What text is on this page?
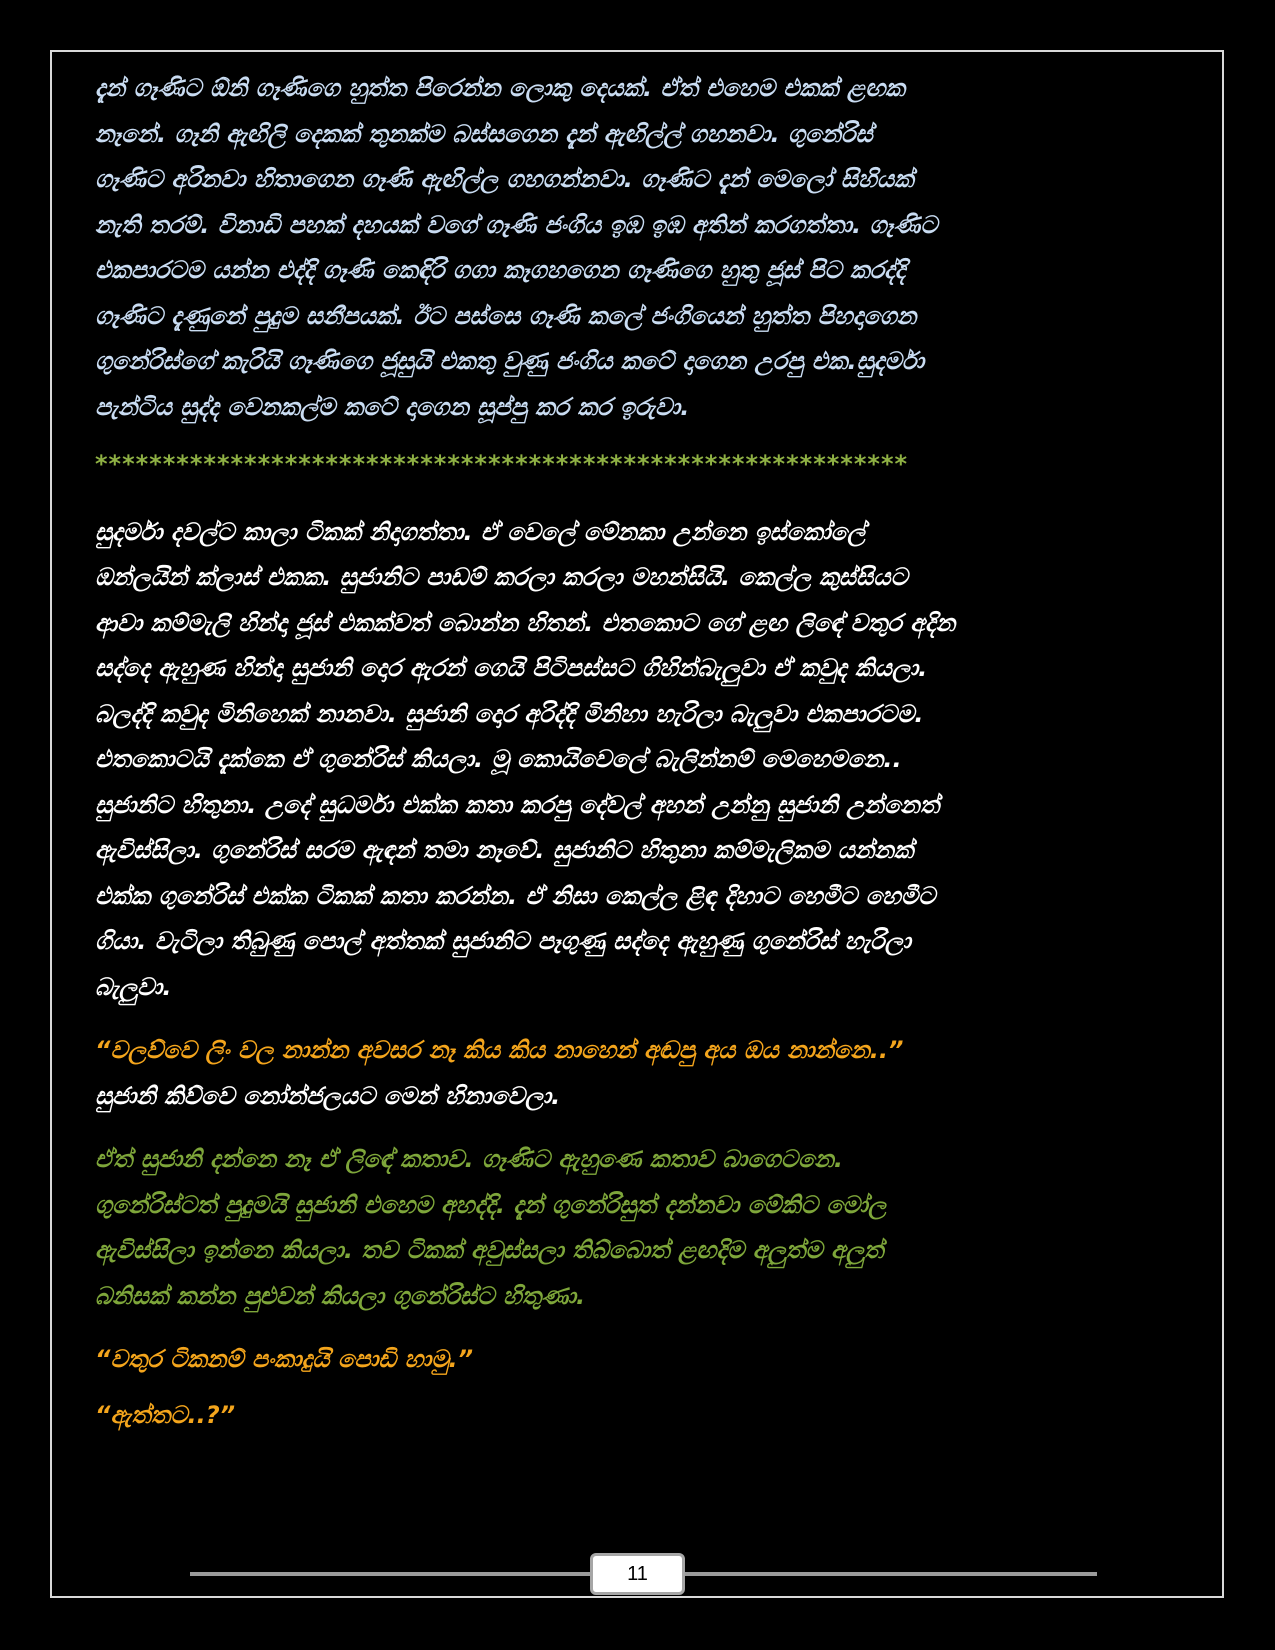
දැන් ගෑණිට ඕනි ගෑණිගෙ හුත්ත පිරෙන්න ලොකු දෙයක්. ඒත් එහෙම එකක් ළඟක
නෑනේ. ගෑනි ඇඟිලි දෙකක් තුනක්ම බස්සගෙන දැන් ඇඟිල්ල් ගහනවා. ගුනේරිස්
ගෑණිට අරිනවා හිතාගෙන ගෑණි ඇඟිල්ල ගහගන්නවා. ගෑණිට දැන් මෙලෝ සිහියක්
නැති තරම්. විනාඩි පහක් දහයක් වගේ ගෑණි ජංගිය ඉඹ ඉඹ අතින් කරගත්තා. ගෑණිට
එකපාරටම යන්න එද්දි ගෑණි කෙඳිරි ගගා කෑගහගෙන ගෑණිගෙ හුතු ජූස් පිට කරද්දි
ගෑණිට දැණුනේ පුදුම සනීපයක්. ඊට පස්සෙ ගෑණි කලේ ජංගියෙන් හුත්ත පිහදාගෙන
ගුනේරිස්ගේ කැරියි ගෑණිගෙ ජූසුයි එකතු වුණු ජංගිය කටේ දාගෙන උරපු එක.සුදර්මා
පැන්ටිය සුද්ද වෙනකල්ම කටේ දාගෙන සූප්පු කර කර ඉරුවා.

************************************************************

සුදර්මා දවල්ට කාලා ටිකක් නිදාගත්තා. ඒ වෙලේ මේනකා උන්නෙ ඉස්කෝලේ
ඔන්ලයින් ක්ලාස් එකක. සුජානිට පාඩම් කරලා කරලා මහන්සියි. කෙල්ල කුස්සියට
ආවා කම්මැලි හින්දා ජූස් එකක්වත් බොන්න හිතන්. එතකොට ගේ ළඟ ලිඳේ වතුර අදින
සද්දෙ ඇහුණ හින්දා සුජානි දොර ඇරන් ගෙයි පිටිපස්සට ගිහින්බැලුවා ඒ කවුද කියලා.
බලද්දි කවුද මිනිහෙක් නානවා. සුජානි දොර අරිද්දි මිනිහා හැරිලා බැලුවා එකපාරටම.
එතකොටයි දැක්කෙ ඒ ගුනේරිස් කියලා. මූ කොයිවෙලේ බැලින්නම් මෙහෙමනෙ..
සුජානිට හිතුනා. උදේ සුධර්මා එක්ක කතා කරපු දේවල් අහන් උන්නු සුජානි උන්නෙත්
ඇවිස්සිලා. ගුනේරිස් සරම ඇඳන් තමා නෑවේ. සුජානිට හිතුනා කම්මැලිකම යන්නක්
එක්ක ගුනේරිස් එක්ක ටිකක් කතා කරන්න. ඒ නිසා කෙල්ල ළිඳ දිහාට හෙමීට හෙමීට
ගියා. වැටිලා තිබුණු පොල් අත්තක් සුජානිට පෑගුණු සද්දෙ ඇහුණු ගුනේරිස් හැරිලා
බැලුවා.

“වලව්වෙ ලිං වල නාන්න අවසර නෑ කිය කිය නාහෙන් අඬපු අය ඔය නාන්නෙ..”

සුජානි කිව්වෙ නෝන්ජලයට මෙන් හිනාවෙලා.

ඒත් සුජානි දන්නෙ නෑ ඒ ලිඳේ කතාව. ගෑණිට ඇහුණෙ කතාව බාගෙටනෙ.
ගුනේරිස්ටත් පුදුමයි සුජානි එහෙම අහද්දි. දැන් ගුනේරිසුත් දන්නවා මේකිට මෝල
ඇවිස්සිලා ඉන්නෙ කියලා. තව ටිකක් අවුස්සලා තිබ්බොත් ළඟදිම අලුත්ම අලුත්
බනිසක් කන්න පුළුවන් කියලා ගුනේරිස්ට හිතුණා.

“වතුර ටිකනම් පංකාදුයි පොඩි හාමු.”

“ඇත්තට..?”

11
